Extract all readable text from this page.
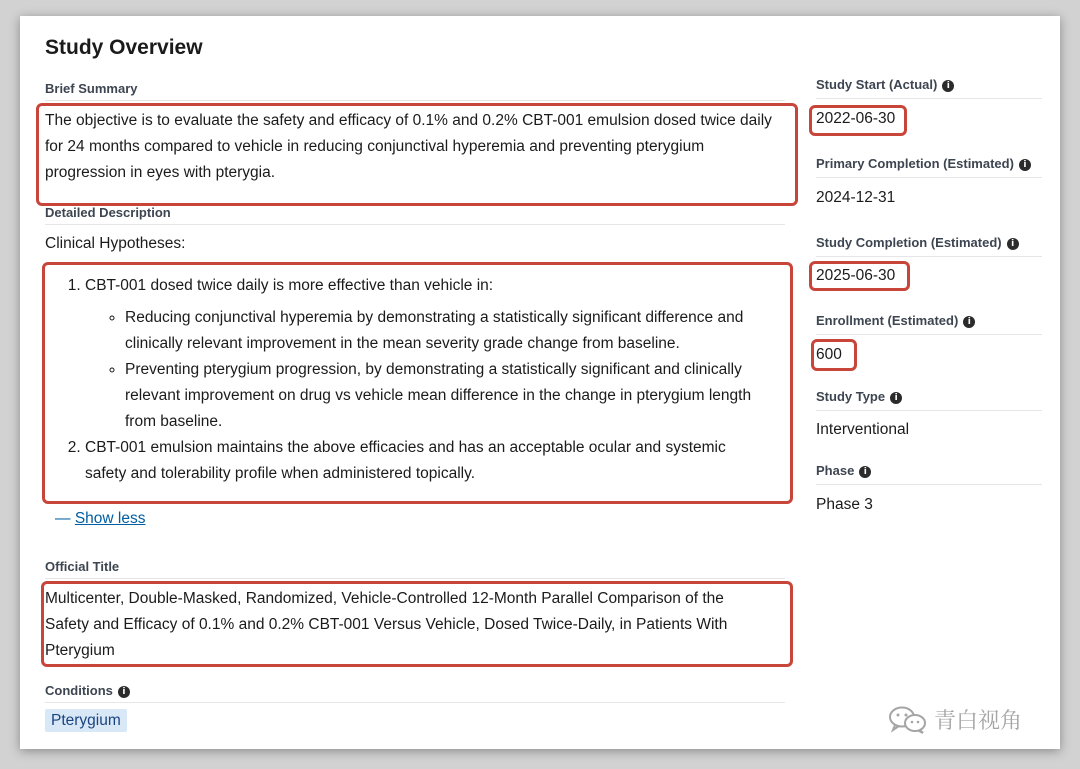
Study Overview
Brief Summary
The objective is to evaluate the safety and efficacy of 0.1% and 0.2% CBT-001 emulsion dosed twice daily
for 24 months compared to vehicle in reducing conjunctival hyperemia and preventing pterygium
progression in eyes with pterygia.
Detailed Description
Clinical Hypotheses:
1. CBT-001 dosed twice daily is more effective than vehicle in:
◦ Reducing conjunctival hyperemia by demonstrating a statistically significant difference and
clinically relevant improvement in the mean severity grade change from baseline.
◦ Preventing pterygium progression, by demonstrating a statistically significant and clinically
relevant improvement on drug vs vehicle mean difference in the change in pterygium length
from baseline.
2. CBT-001 emulsion maintains the above efficacies and has an acceptable ocular and systemic
safety and tolerability profile when administered topically.
— Show less
Official Title
Multicenter, Double-Masked, Randomized, Vehicle-Controlled 12-Month Parallel Comparison of the
Safety and Efficacy of 0.1% and 0.2% CBT-001 Versus Vehicle, Dosed Twice-Daily, in Patients With
Pterygium
Conditions i
Pterygium
Study Start (Actual) i
2022-06-30
Primary Completion (Estimated) i
2024-12-31
Study Completion (Estimated) i
2025-06-30
Enrollment (Estimated) i
600
Study Type i
Interventional
Phase i
Phase 3
青白视角
